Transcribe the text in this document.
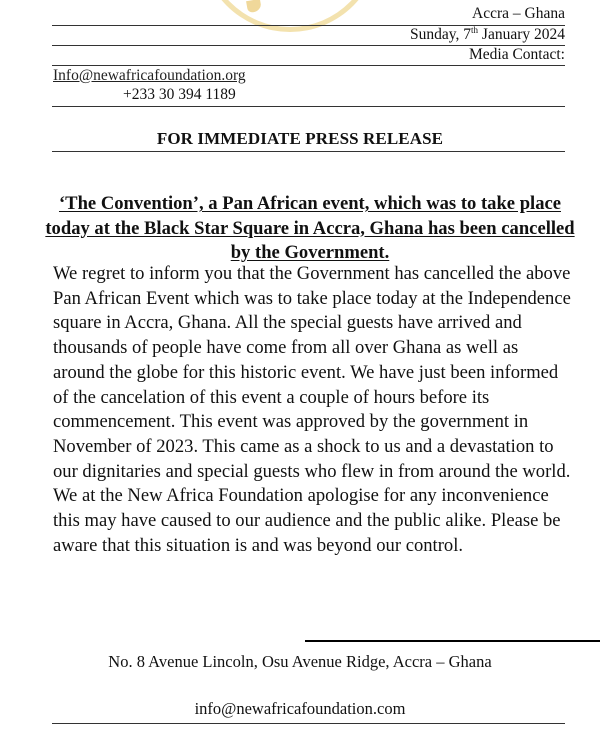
Accra – Ghana
Sunday, 7th January 2024
Media Contact:
Info@newafricafoundation.org
+233 30 394 1189
FOR IMMEDIATE PRESS RELEASE
‘The Convention’, a Pan African event, which was to take place today at the Black Star Square in Accra, Ghana has been cancelled by the Government.

We regret to inform you that the Government has cancelled the above Pan African Event which was to take place today at the Independence square in Accra, Ghana. All the special guests have arrived and thousands of people have come from all over Ghana as well as around the globe for this historic event. We have just been informed of the cancelation of this event a couple of hours before its commencement. This event was approved by the government in November of 2023. This came as a shock to us and a devastation to our dignitaries and special guests who flew in from around the world.

We at the New Africa Foundation apologise for any inconvenience this may have caused to our audience and the public alike. Please be aware that this situation is and was beyond our control.

No. 8 Avenue Lincoln, Osu Avenue Ridge, Accra – Ghana
info@newafricafoundation.com
